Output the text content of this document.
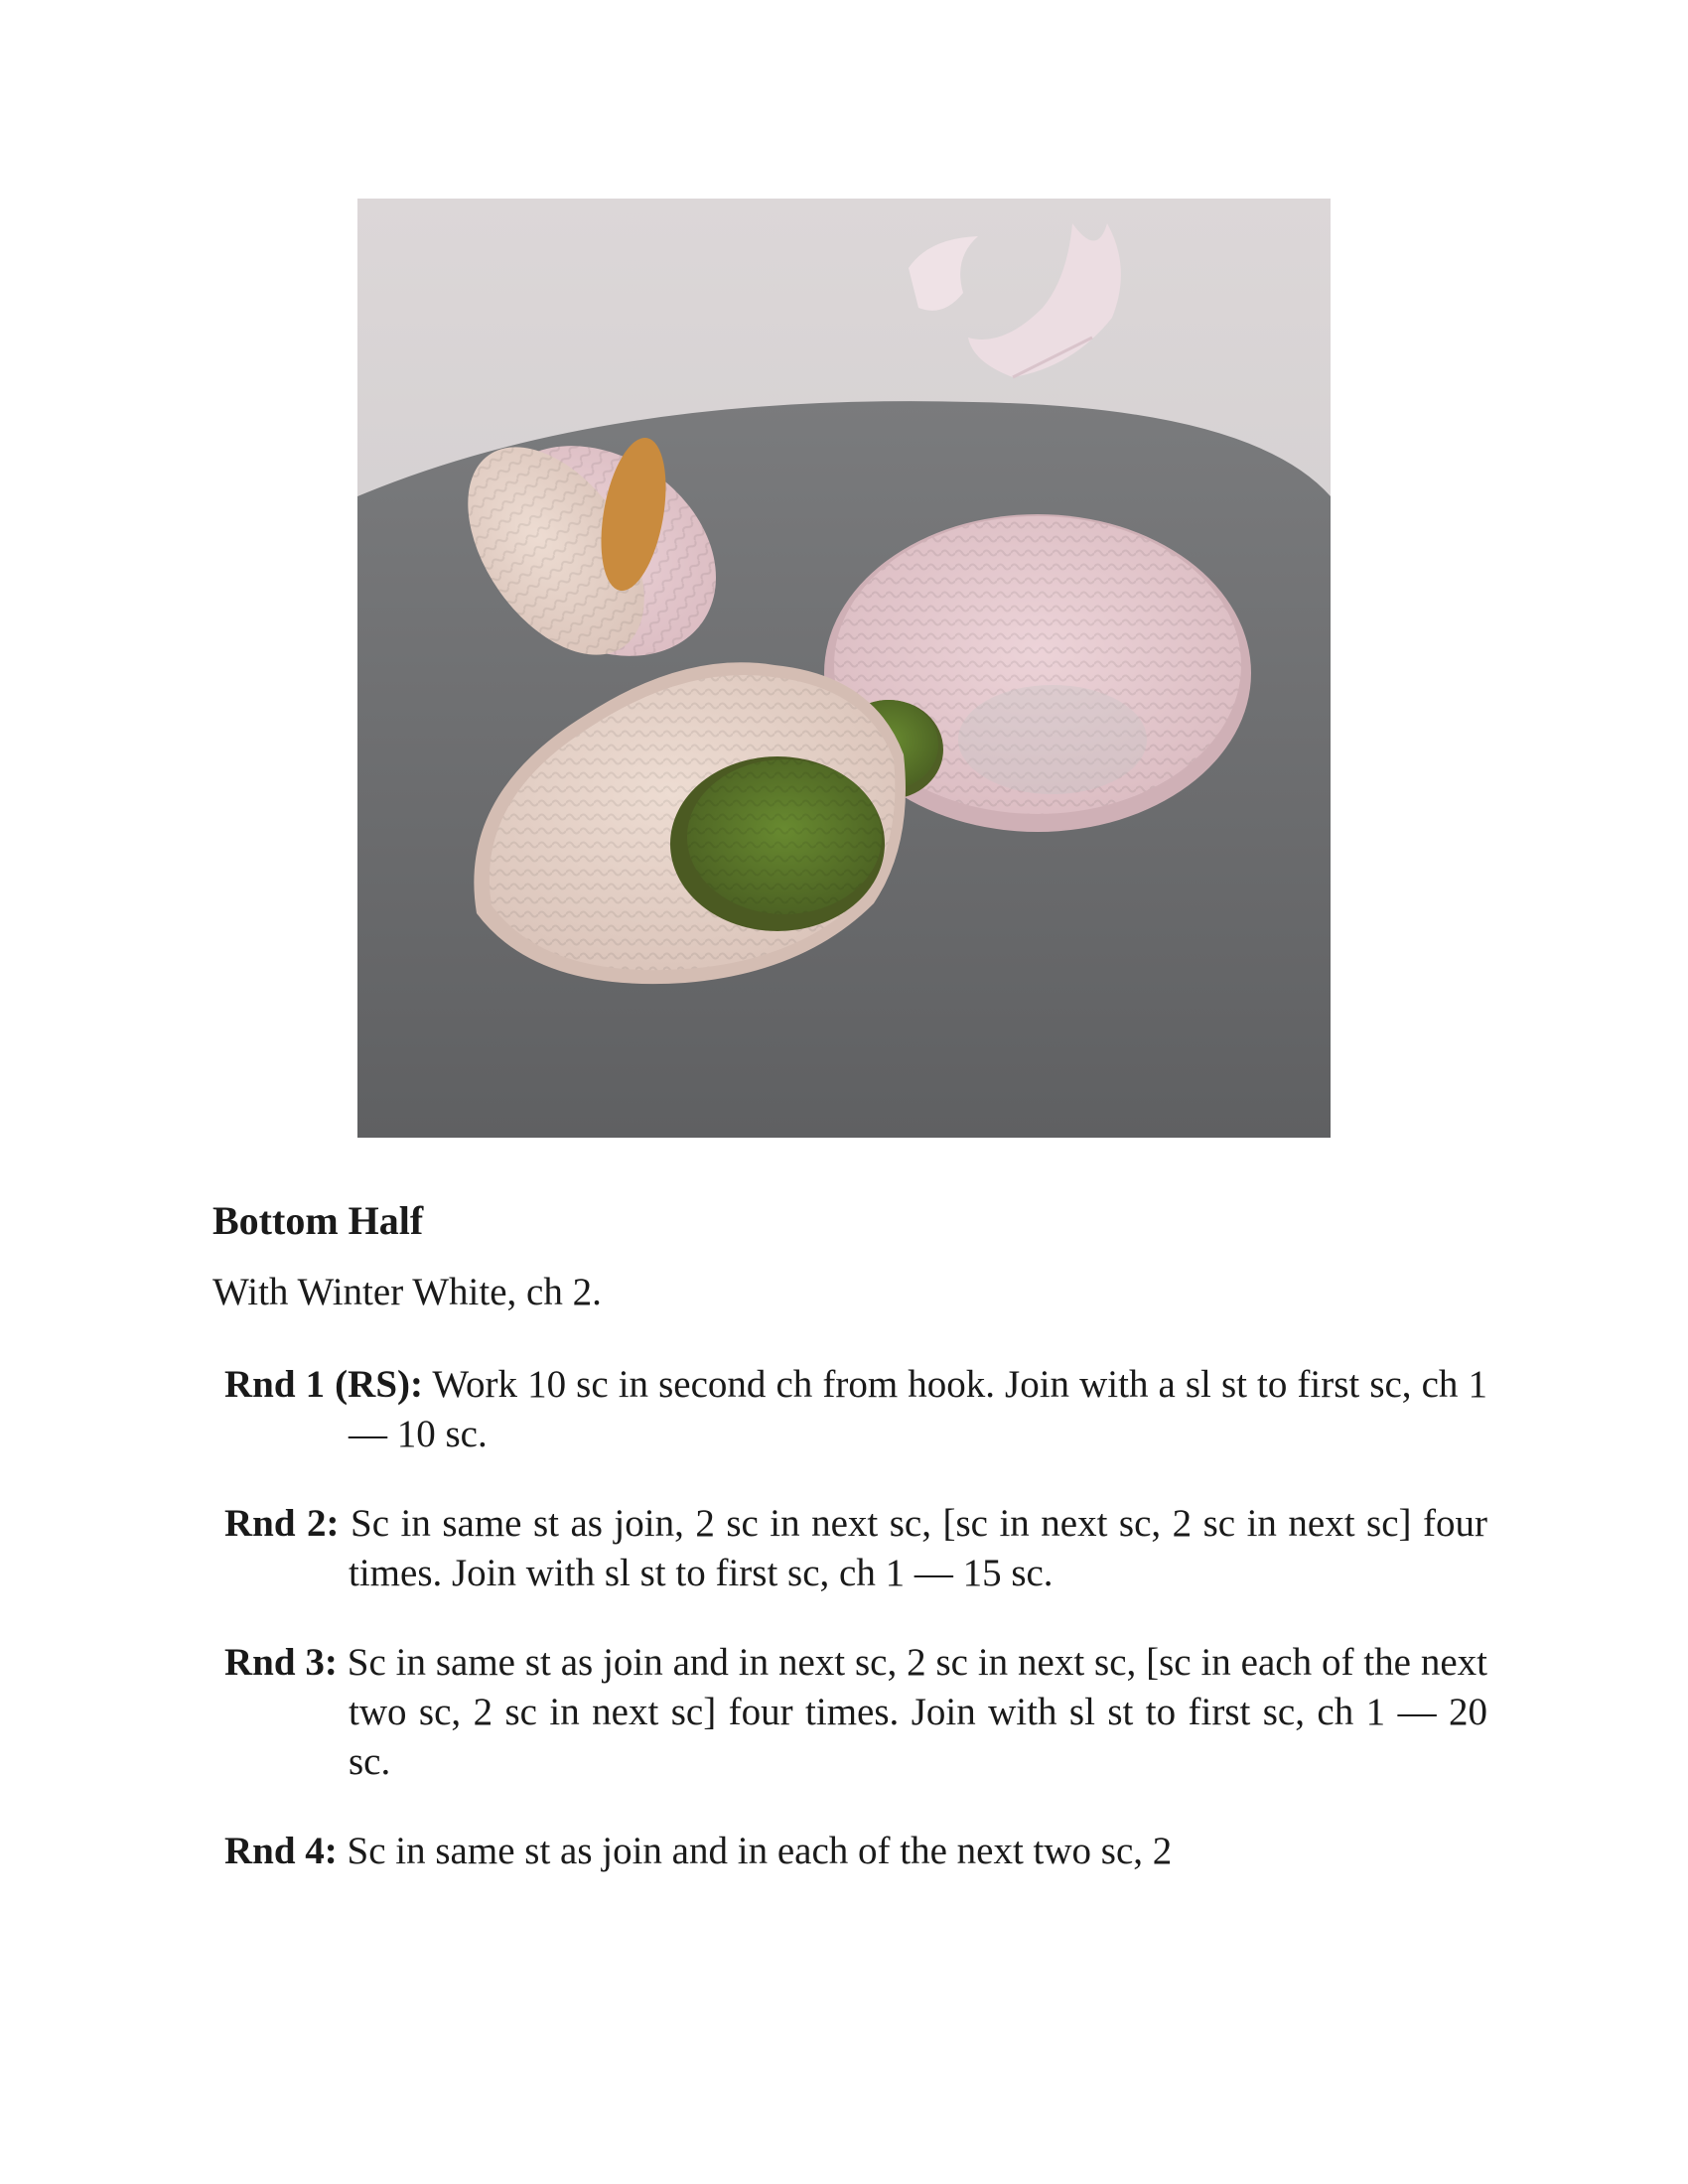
Bottom Half

With Winter White, ch 2.

Rnd 1 (RS): Work 10 sc in second ch from hook. Join with a sl st to first sc, ch 1 — 10 sc.
Rnd 2: Sc in same st as join, 2 sc in next sc, [sc in next sc, 2 sc in next sc] four times. Join with sl st to first sc, ch 1 — 15 sc.
Rnd 3: Sc in same st as join and in next sc, 2 sc in next sc, [sc in each of the next two sc, 2 sc in next sc] four times. Join with sl st to first sc, ch 1 — 20 sc.
Rnd 4: Sc in same st as join and in each of the next two sc, 2
